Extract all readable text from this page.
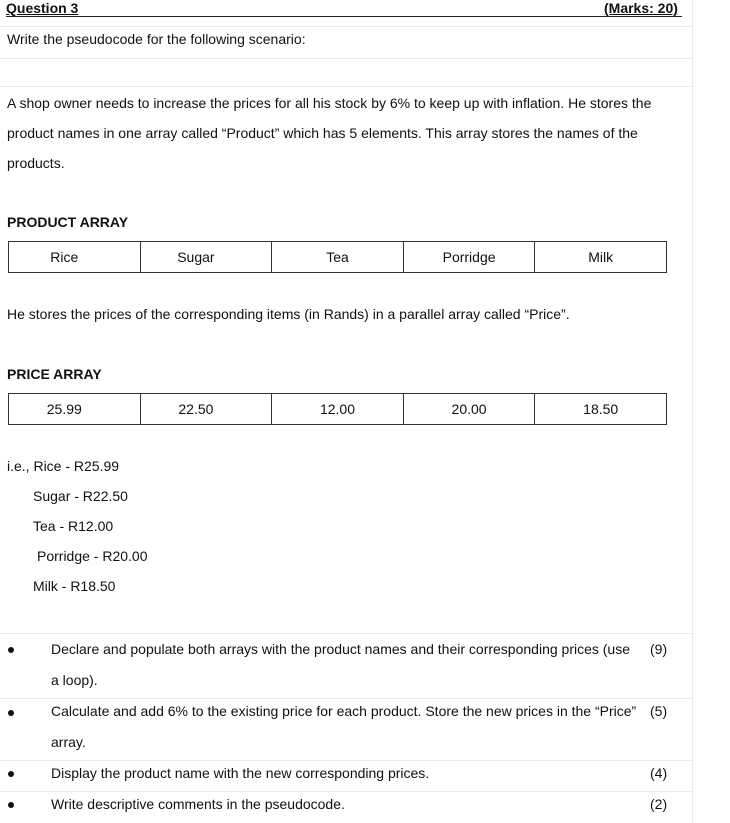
Question 3	(Marks: 20)
Write the pseudocode for the following scenario:
A shop owner needs to increase the prices for all his stock by 6% to keep up with inflation. He stores the product names in one array called “Product” which has 5 elements. This array stores the names of the products.
PRODUCT ARRAY
Rice	Sugar	Tea	Porridge	Milk
He stores the prices of the corresponding items (in Rands) in a parallel array called “Price”.
PRICE ARRAY
25.99	22.50	12.00	20.00	18.50
i.e., Rice - R25.99
Sugar - R22.50
Tea - R12.00
Porridge - R20.00
Milk - R18.50
Declare and populate both arrays with the product names and their corresponding prices (use a loop).
(9)
Calculate and add 6% to the existing price for each product. Store the new prices in the “Price” array.
(5)
Display the product name with the new corresponding prices.	(4)
Write descriptive comments in the pseudocode.	(2)
